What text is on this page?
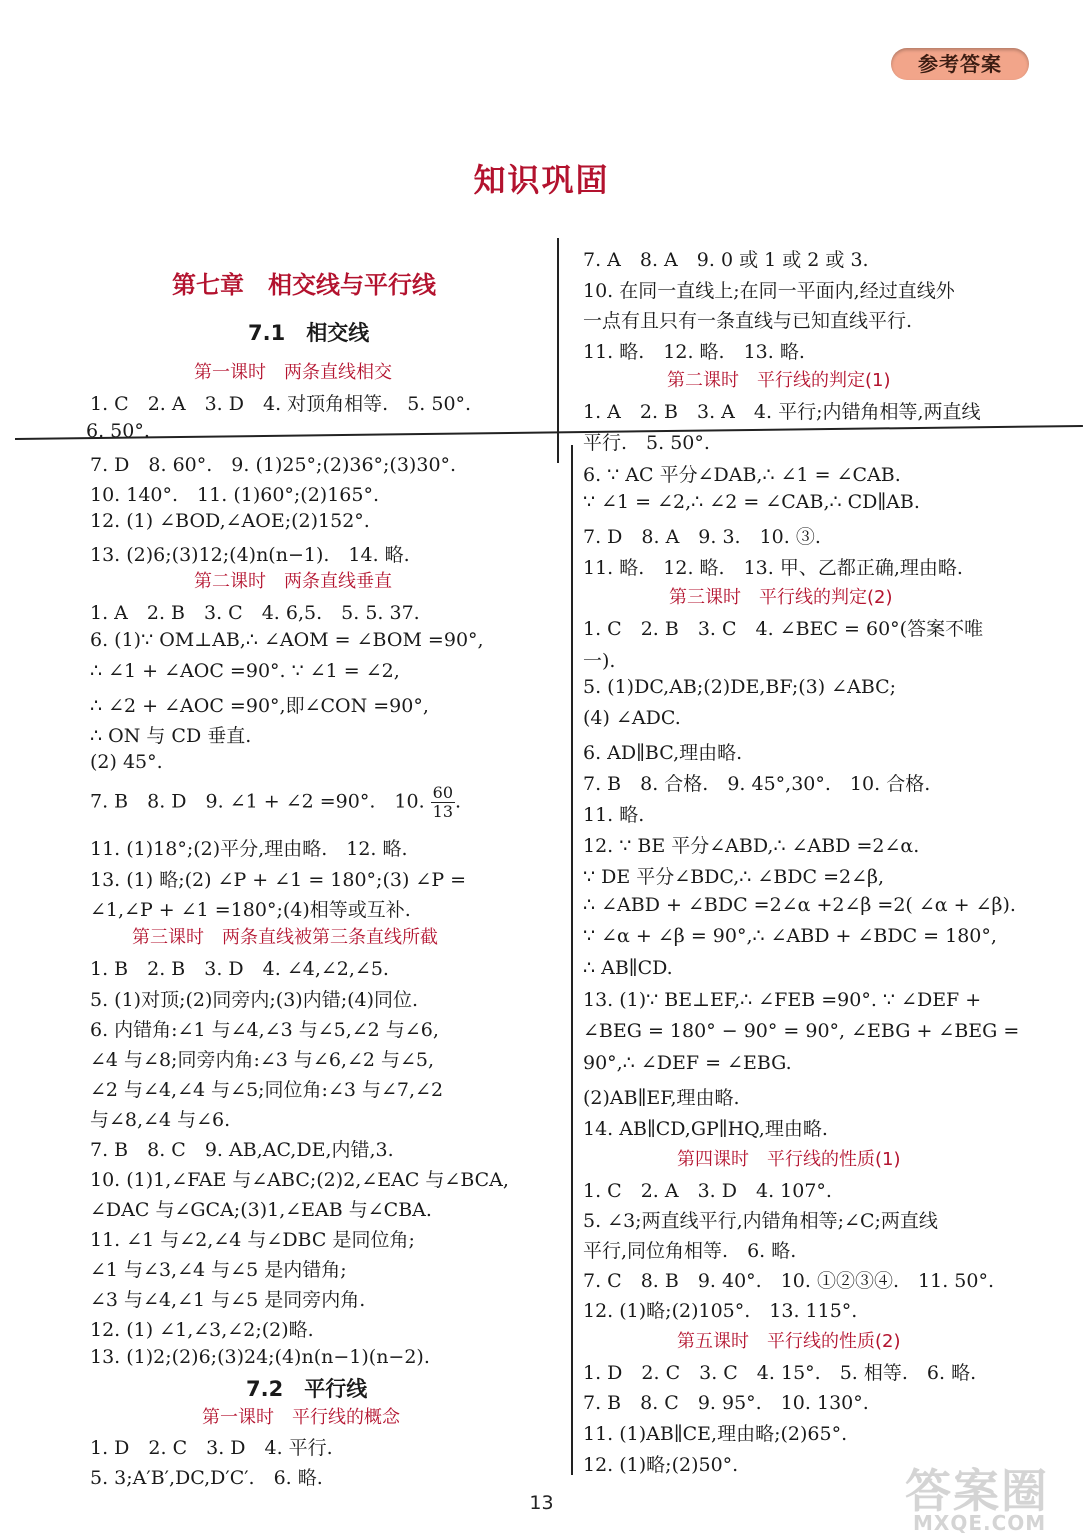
参考答案
知识巩固
第七章　相交线与平行线
7.1　相交线
第一课时　两条直线相交
1. C　2. A　3. D　4. 对顶角相等.　5. 50°.
6. 50°.
7. D　8. 60°.　9. (1)25°;(2)36°;(3)30°.
10. 140°.　11. (1)60°;(2)165°.
12. (1) ∠BOD,∠AOE;(2)152°.
13. (2)6;(3)12;(4)n(n−1).　14. 略.
第二课时　两条直线垂直
1. A　2. B　3. C　4. 6,5.　5. 5. 37.
6. (1)∵ OM⊥AB,∴ ∠AOM = ∠BOM =90°,
∴ ∠1 + ∠AOC =90°. ∵ ∠1 = ∠2,
∴ ∠2 + ∠AOC =90°,即∠CON =90°,
∴ ON 与 CD 垂直.
(2) 45°.
7. B　8. D　9. ∠1 + ∠2 =90°.　10. $\frac{60}{13}$ .
11. (1)18°;(2)平分,理由略.　12. 略.
13. (1) 略;(2) ∠P + ∠1 = 180°;(3) ∠P =
∠1,∠P + ∠1 =180°;(4)相等或互补.
第三课时　两条直线被第三条直线所截
1. B　2. B　3. D　4. ∠4,∠2,∠5.
5. (1)对顶;(2)同旁内;(3)内错;(4)同位.
6. 内错角:∠1 与∠4,∠3 与∠5,∠2 与∠6,
∠4 与∠8;同旁内角:∠3 与∠6,∠2 与∠5,
∠2 与∠4,∠4 与∠5;同位角:∠3 与∠7,∠2
与∠8,∠4 与∠6.
7. B　8. C　9. AB,AC,DE,内错,3.
10. (1)1,∠FAE 与∠ABC;(2)2,∠EAC 与∠BCA,
∠DAC 与∠GCA;(3)1,∠EAB 与∠CBA.
11. ∠1 与∠2,∠4 与∠DBC 是同位角;
∠1 与∠3,∠4 与∠5 是内错角;
∠3 与∠4,∠1 与∠5 是同旁内角.
12. (1) ∠1,∠3,∠2;(2)略.
13. (1)2;(2)6;(3)24;(4)n(n−1)(n−2).
7.2　平行线
第一课时　平行线的概念
1. D　2. C　3. D　4. 平行.
5. 3;A′B′,DC,D′C′.　6. 略.
7. A　8. A　9. 0 或 1 或 2 或 3.
10. 在同一直线上;在同一平面内,经过直线外
一点有且只有一条直线与已知直线平行.
11. 略.　12. 略.　13. 略.
第二课时　平行线的判定(1)
1. A　2. B　3. A　4. 平行;内错角相等,两直线
平行.　5. 50°.
6. ∵ AC 平分∠DAB,∴ ∠1 = ∠CAB.
∵ ∠1 = ∠2,∴ ∠2 = ∠CAB,∴ CD∥AB.
7. D　8. A　9. 3.　10. ③.
11. 略.　12. 略.　13. 甲、乙都正确,理由略.
第三课时　平行线的判定(2)
1. C　2. B　3. C　4. ∠BEC = 60°(答案不唯
一).
5. (1)DC,AB;(2)DE,BF;(3) ∠ABC;
(4) ∠ADC.
6. AD∥BC,理由略.
7. B　8. 合格.　9. 45°,30°.　10. 合格.
11. 略.
12. ∵ BE 平分∠ABD,∴ ∠ABD =2∠α.
∵ DE 平分∠BDC,∴ ∠BDC =2∠β,
∴ ∠ABD + ∠BDC =2∠α +2∠β =2( ∠α + ∠β).
∵ ∠α + ∠β = 90°,∴ ∠ABD + ∠BDC = 180°,
∴ AB∥CD.
13. (1)∵ BE⊥EF,∴ ∠FEB =90°. ∵ ∠DEF +
∠BEG = 180° − 90° = 90°, ∠EBG + ∠BEG =
90°,∴ ∠DEF = ∠EBG.
(2)AB∥EF,理由略.
14. AB∥CD,GP∥HQ,理由略.
第四课时　平行线的性质(1)
1. C　2. A　3. D　4. 107°.
5. ∠3;两直线平行,内错角相等;∠C;两直线
平行,同位角相等.　6. 略.
7. C　8. B　9. 40°.　10. ①②③④.　11. 50°.
12. (1)略;(2)105°.　13. 115°.
第五课时　平行线的性质(2)
1. D　2. C　3. C　4. 15°.　5. 相等.　6. 略.
7. B　8. C　9. 95°.　10. 130°.
11. (1)AB∥CE,理由略;(2)65°.
12. (1)略;(2)50°.
13	答案圈
MXQE.COM
